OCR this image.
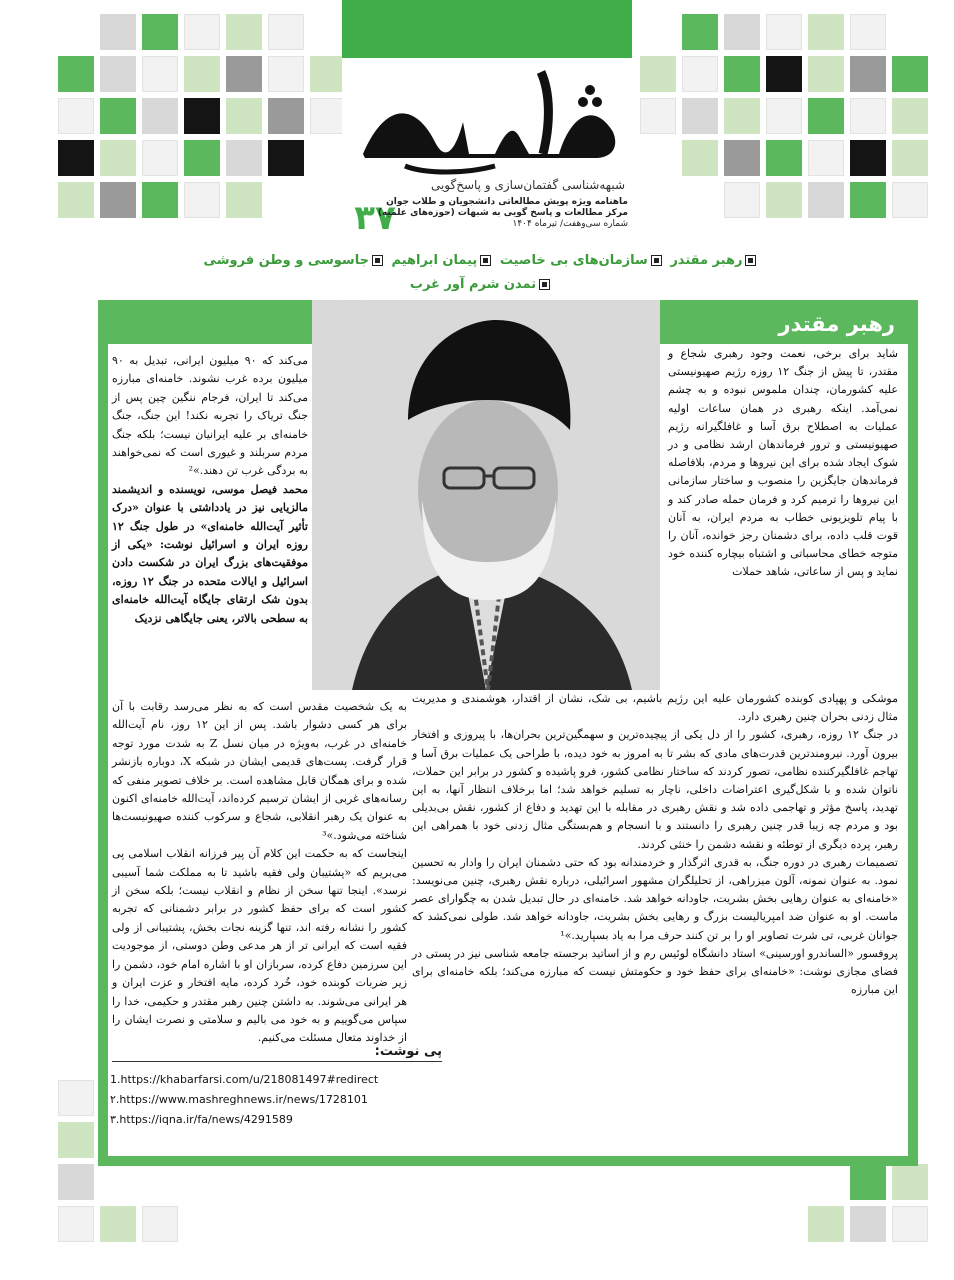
شبهه‌شناسی گفتمان‌سازی و پاسخ‌گویی
۳۷
ماهنامه ویژه پویش مطالعاتی دانشجویان و طلاب جوان
مرکز مطالعات و پاسخ گویی به شبهات (حوزه‌های علمیه)
شماره سی‌وهفت/ تیرماه ۱۴۰۴
رهبر مقتدر سازمان‌های بی خاصیت پیمان ابراهیم جاسوسی و وطن فروشی تمدن شرم آور غرب

رهبر مقتدر

شاید برای برخی، نعمت وجود رهبری شجاع و مقتدر، تا پیش از جنگ ۱۲ روزه رژیم صهیونیستی علیه کشورمان، چندان ملموس نبوده و به چشم نمی‌آمد. اینکه رهبری در همان ساعات اولیه عملیات به اصطلاح برق آسا و غافلگیرانه رژیم صهیونیستی و ترور فرماندهان ارشد نظامی و در شوک ایجاد شده برای این نیروها و مردم، بلافاصله فرماندهان جایگزین را منصوب و ساختار سازمانی این نیروها را ترمیم کرد و فرمان حمله صادر کند و با پیام تلویزیونی خطاب به مردم ایران، به آنان قوت قلب داده، برای دشمنان رجز خوانده، آنان را متوجه خطای محاسباتی و اشتباه بیچاره کننده خود نماید و پس از ساعاتی، شاهد حملات

می‌کند که ۹۰ میلیون ایرانی، تبدیل به ۹۰ میلیون برده غرب نشوند. خامنه‌ای مبارزه می‌کند تا ایران، فرجام ننگین چین پس از جنگ تریاک را تجربه نکند! این جنگ، جنگ خامنه‌ای بر علیه ایرانیان نیست؛ بلکه جنگ مردم سربلند و غیوری است که نمی‌خواهند به بردگی غرب تن دهند.»²

محمد فیصل موسی، نویسنده و اندیشمند مالزیایی نیز در یادداشتی با عنوان «درک تأثیر آیت‌الله خامنه‌ای» در طول جنگ ۱۲ روزه ایران و اسرائیل نوشت: «یکی از موفقیت‌های بزرگ ایران در شکست دادن اسرائیل و ایالات متحده در جنگ ۱۲ روزه، بدون شک ارتقای جایگاه آیت‌الله خامنه‌ای به سطحی بالاتر، یعنی جایگاهی نزدیک

موشکی و پهپادی کوبنده کشورمان علیه این رژیم باشیم، بی شک، نشان از اقتدار، هوشمندی و مدیریت مثال زدنی بحران چنین رهبری دارد.

در جنگ ۱۲ روزه، رهبری، کشور را از دل یکی از پیچیده‌ترین و سهمگین‌ترین بحران‌ها، با پیروزی و افتخار بیرون آورد. نیرومندترین قدرت‌های مادی که بشر تا به امروز به خود دیده، با طراحی یک عملیات برق آسا و تهاجم غافلگیرکننده نظامی، تصور کردند که ساختار نظامی کشور، فرو پاشیده و کشور در برابر این حملات، ناتوان شده و با شکل‌گیری اعتراضات داخلی، ناچار به تسلیم خواهد شد؛ اما برخلاف انتظار آنها، به این تهدید، پاسخ مؤثر و تهاجمی داده شد و نقش رهبری در مقابله با این تهدید و دفاع از کشور، نقش بی‌بدیلی بود و مردم چه زیبا قدر چنین رهبری را دانستند و با انسجام و هم‌بستگی مثال زدنی خود با همراهی این رهبر، پرده دیگری از توطئه و نقشه دشمن را خنثی کردند.

تصمیمات رهبری در دوره جنگ، به قدری اثرگذار و خردمندانه بود که حتی دشمنان ایران را وادار به تحسین نمود. به عنوان نمونه، آلون میزراهی، از تحلیلگران مشهور اسرائیلی، درباره نقش رهبری، چنین می‌نویسد: «خامنه‌ای به عنوان رهایی بخش بشریت، جاودانه خواهد شد. خامنه‌ای در حال تبدیل شدن به چگوارای عصر ماست. او به عنوان ضد امپریالیست بزرگ و رهایی بخش بشریت، جاودانه خواهد شد. طولی نمی‌کشد که جوانان غربی، تی شرت تصاویر او را بر تن کنند حرف مرا به یاد بسپارید.»¹

پروفسور «الساندرو اورسینی» استاد دانشگاه لوئیس رم و از اساتید برجسته جامعه شناسی نیز در پستی در فضای مجازی نوشت: «خامنه‌ای برای حفظ خود و حکومتش نیست که مبارزه می‌کند؛ بلکه خامنه‌ای برای این مبارزه

به یک شخصیت مقدس است که به نظر می‌رسد رقابت با آن برای هر کسی دشوار باشد. پس از این ۱۲ روز، نام آیت‌الله خامنه‌ای در غرب، به‌ویژه در میان نسل Z به شدت مورد توجه قرار گرفت. پست‌های قدیمی ایشان در شبکه X، دوباره بازنشر شده و برای همگان قابل مشاهده است. بر خلاف تصویر منفی که رسانه‌های غربی از ایشان ترسیم کرده‌اند، آیت‌الله خامنه‌ای اکنون به عنوان یک رهبر انقلابی، شجاع و سرکوب کننده صهیونیست‌ها شناخته می‌شود.»³

اینجاست که به حکمت این کلام آن پیر فرزانه انقلاب اسلامی پی می‌بریم که «پشتیبان ولی فقیه باشید تا به مملکت شما آسیبی نرسد». اینجا تنها سخن از نظام و انقلاب نیست؛ بلکه سخن از کشور است که برای حفظ کشور در برابر دشمنانی که تجربه کشور را نشانه رفته اند، تنها گزینه نجات بخش، پشتیبانی از ولی فقیه است که ایرانی تر از هر مدعی وطن دوستی، از موجودیت این سرزمین دفاع کرده، سربازان او با اشاره امام خود، دشمن را زیر ضربات کوبنده خود، خُرد کرده، مایه افتخار و عزت ایران و هر ایرانی می‌شوند. به داشتن چنین رهبر مقتدر و حکیمی، خدا را سپاس می‌گوییم و به خود می بالیم و سلامتی و نصرت ایشان را از خداوند متعال مسئلت می‌کنیم.

پی نوشت:
1.https://khabarfarsi.com/u/218081497#redirect
۲.https://www.mashreghnews.ir/news/1728101
۳.https://iqna.ir/fa/news/4291589
